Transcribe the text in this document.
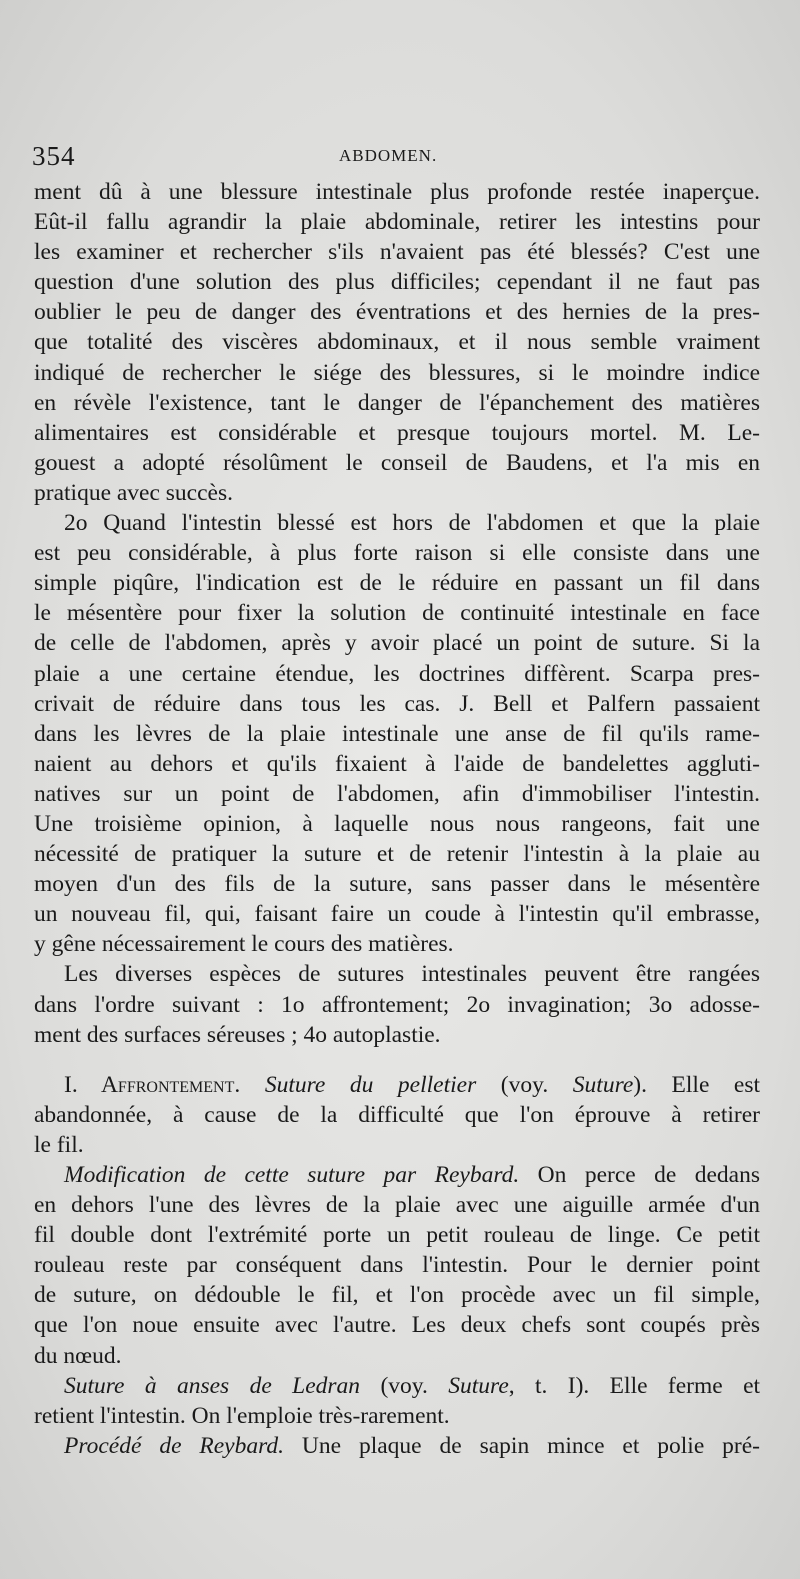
354	ABDOMEN.
ment dû à une blessure intestinale plus profonde restée inaperçue.
Eût-il fallu agrandir la plaie abdominale, retirer les intestins pour
les examiner et rechercher s'ils n'avaient pas été blessés? C'est une
question d'une solution des plus difficiles; cependant il ne faut pas
oublier le peu de danger des éventrations et des hernies de la pres-
que totalité des viscères abdominaux, et il nous semble vraiment
indiqué de rechercher le siége des blessures, si le moindre indice
en révèle l'existence, tant le danger de l'épanchement des matières
alimentaires est considérable et presque toujours mortel. M. Le-
gouest a adopté résolûment le conseil de Baudens, et l'a mis en
pratique avec succès.
2o Quand l'intestin blessé est hors de l'abdomen et que la plaie
est peu considérable, à plus forte raison si elle consiste dans une
simple piqûre, l'indication est de le réduire en passant un fil dans
le mésentère pour fixer la solution de continuité intestinale en face
de celle de l'abdomen, après y avoir placé un point de suture. Si la
plaie a une certaine étendue, les doctrines diffèrent. Scarpa pres-
crivait de réduire dans tous les cas. J. Bell et Palfern passaient
dans les lèvres de la plaie intestinale une anse de fil qu'ils rame-
naient au dehors et qu'ils fixaient à l'aide de bandelettes aggluti-
natives sur un point de l'abdomen, afin d'immobiliser l'intestin.
Une troisième opinion, à laquelle nous nous rangeons, fait une
nécessité de pratiquer la suture et de retenir l'intestin à la plaie au
moyen d'un des fils de la suture, sans passer dans le mésentère
un nouveau fil, qui, faisant faire un coude à l'intestin qu'il embrasse,
y gêne nécessairement le cours des matières.
Les diverses espèces de sutures intestinales peuvent être rangées
dans l'ordre suivant : 1o affrontement; 2o invagination; 3o adosse-
ment des surfaces séreuses ; 4o autoplastie.
I. Affrontement. Suture du pelletier (voy. Suture). Elle est
abandonnée, à cause de la difficulté que l'on éprouve à retirer
le fil.
Modification de cette suture par Reybard. On perce de dedans
en dehors l'une des lèvres de la plaie avec une aiguille armée d'un
fil double dont l'extrémité porte un petit rouleau de linge. Ce petit
rouleau reste par conséquent dans l'intestin. Pour le dernier point
de suture, on dédouble le fil, et l'on procède avec un fil simple,
que l'on noue ensuite avec l'autre. Les deux chefs sont coupés près
du nœud.
Suture à anses de Ledran (voy. Suture, t. I). Elle ferme et
retient l'intestin. On l'emploie très-rarement.
Procédé de Reybard. Une plaque de sapin mince et polie pré-
